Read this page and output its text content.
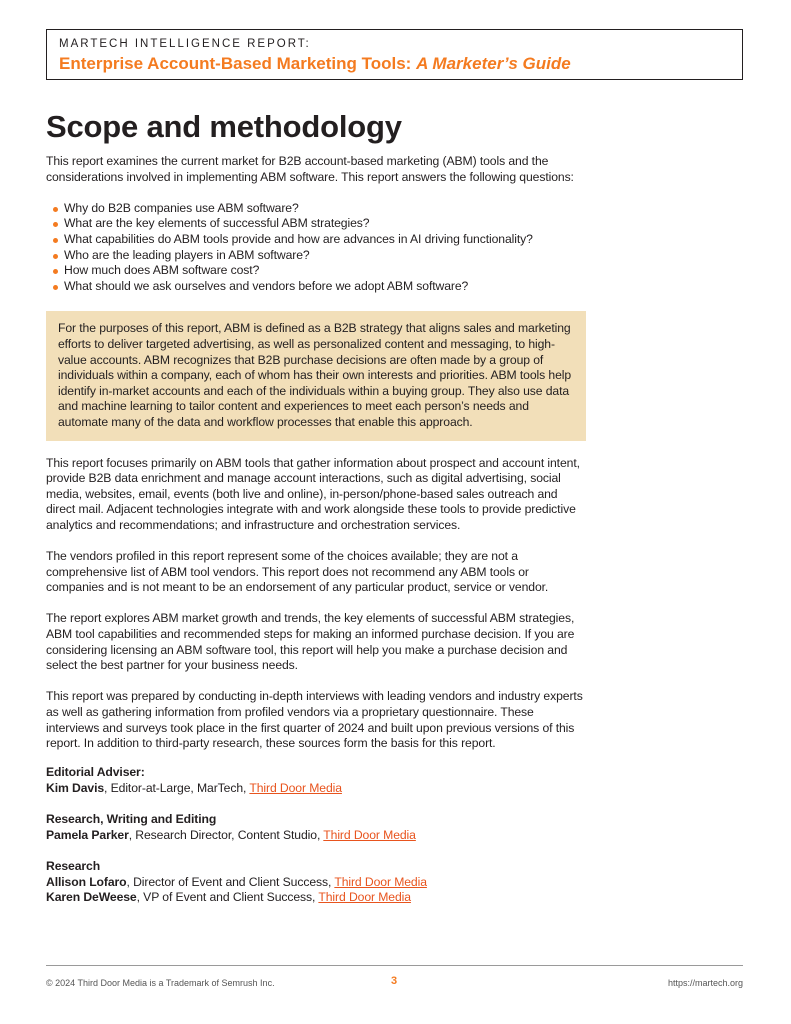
MARTECH INTELLIGENCE REPORT:
Enterprise Account-Based Marketing Tools: A Marketer’s Guide
Scope and methodology

This report examines the current market for B2B account-based marketing (ABM) tools and the considerations involved in implementing ABM software. This report answers the following questions:

Why do B2B companies use ABM software?
What are the key elements of successful ABM strategies?
What capabilities do ABM tools provide and how are advances in AI driving functionality?
Who are the leading players in ABM software?
How much does ABM software cost?
What should we ask ourselves and vendors before we adopt ABM software?

For the purposes of this report, ABM is defined as a B2B strategy that aligns sales and marketing efforts to deliver targeted advertising, as well as personalized content and messaging, to high-value accounts. ABM recognizes that B2B purchase decisions are often made by a group of individuals within a company, each of whom has their own interests and priorities. ABM tools help identify in-market accounts and each of the individuals within a buying group. They also use data and machine learning to tailor content and experiences to meet each person’s needs and automate many of the data and workflow processes that enable this approach.

This report focuses primarily on ABM tools that gather information about prospect and account intent, provide B2B data enrichment and manage account interactions, such as digital advertising, social media, websites, email, events (both live and online), in-person/phone-based sales outreach and direct mail. Adjacent technologies integrate with and work alongside these tools to provide predictive analytics and recommendations; and infrastructure and orchestration services.

The vendors profiled in this report represent some of the choices available; they are not a comprehensive list of ABM tool vendors. This report does not recommend any ABM tools or companies and is not meant to be an endorsement of any particular product, service or vendor.

The report explores ABM market growth and trends, the key elements of successful ABM strategies, ABM tool capabilities and recommended steps for making an informed purchase decision. If you are considering licensing an ABM software tool, this report will help you make a purchase decision and select the best partner for your business needs.

This report was prepared by conducting in-depth interviews with leading vendors and industry experts as well as gathering information from profiled vendors via a proprietary questionnaire. These interviews and surveys took place in the first quarter of 2024 and built upon previous versions of this report. In addition to third-party research, these sources form the basis for this report.

Editorial Adviser:
Kim Davis, Editor-at-Large, MarTech, Third Door Media
Research, Writing and Editing
Pamela Parker, Research Director, Content Studio, Third Door Media
Research
Allison Lofaro, Director of Event and Client Success, Third Door Media
Karen DeWeese, VP of Event and Client Success, Third Door Media
© 2024 Third Door Media is a Trademark of Semrush Inc.	3	https://martech.org
